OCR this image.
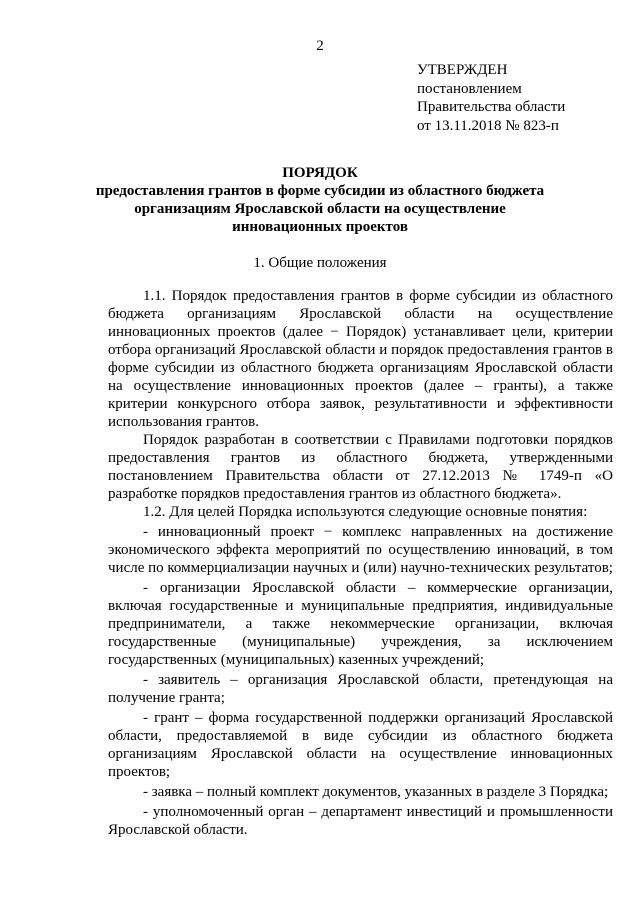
2
УТВЕРЖДЕН
постановлением
Правительства области
от 13.11.2018 № 823-п
ПОРЯДОК
предоставления грантов в форме субсидии из областного бюджета
организациям Ярославской области на осуществление
инновационных проектов
1. Общие положения

1.1. Порядок предоставления грантов в форме субсидии из областного бюджета организациям Ярославской области на осуществление инновационных проектов (далее − Порядок) устанавливает цели, критерии отбора организаций Ярославской области и порядок предоставления грантов в форме субсидии из областного бюджета организациям Ярославской области на осуществление инновационных проектов (далее – гранты), а также критерии конкурсного отбора заявок, результативности и эффективности использования грантов.

Порядок разработан в соответствии с Правилами подготовки порядков предоставления грантов из областного бюджета, утвержденными постановлением Правительства области от 27.12.2013 № 1749-п «О разработке порядков предоставления грантов из областного бюджета».

1.2. Для целей Порядка используются следующие основные понятия:

- инновационный проект − комплекс направленных на достижение экономического эффекта мероприятий по осуществлению инноваций, в том числе по коммерциализации научных и (или) научно-технических результатов;

- организации Ярославской области – коммерческие организации, включая государственные и муниципальные предприятия, индивидуальные предприниматели, а также некоммерческие организации, включая государственные (муниципальные) учреждения, за исключением государственных (муниципальных) казенных учреждений;

- заявитель – организация Ярославской области, претендующая на получение гранта;

- грант – форма государственной поддержки организаций Ярославской области, предоставляемой в виде субсидии из областного бюджета организациям Ярославской области на осуществление инновационных проектов;

- заявка – полный комплект документов, указанных в разделе 3 Порядка;

- уполномоченный орган – департамент инвестиций и промышленности Ярославской области.
